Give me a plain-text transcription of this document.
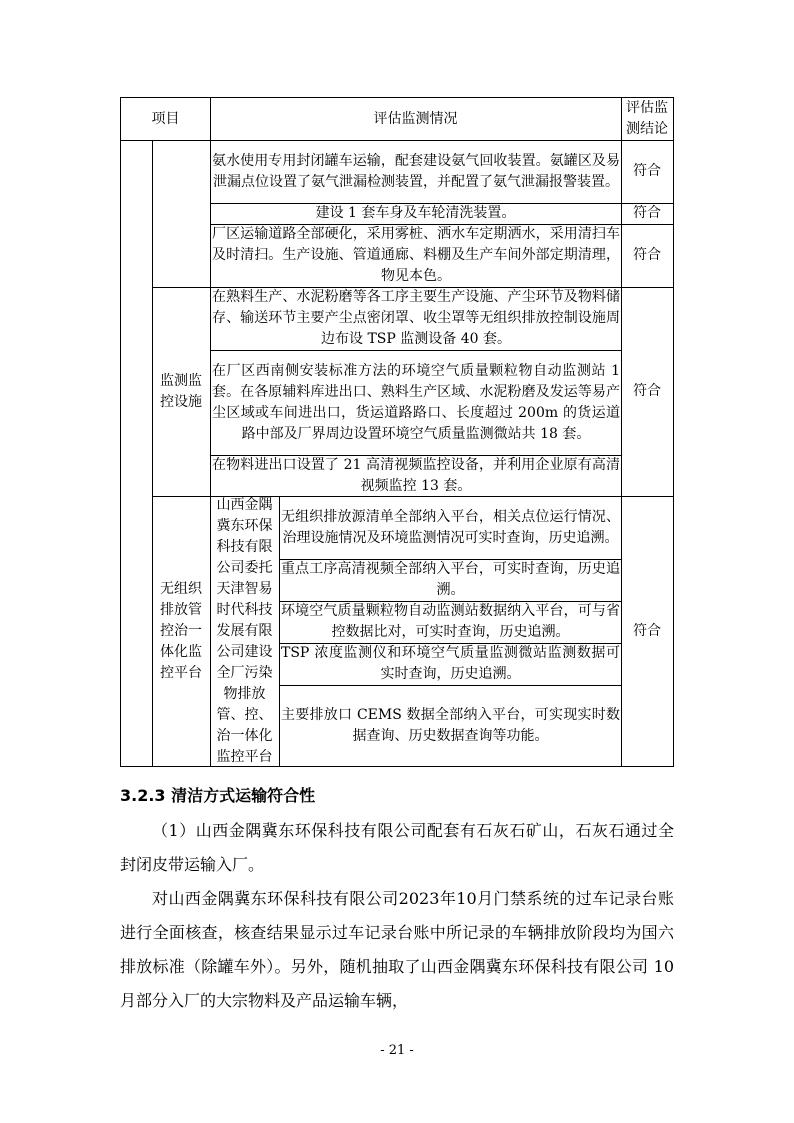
项目	评估监测情况
评估监
测结论
氨水使用专用封闭罐车运输，配套建设氨气回收装置。氨罐区及易泄漏点位设置了氨气泄漏检测装置，并配置了氨气泄漏报警装置。
符合
建设 1 套车身及车轮清洗装置。	符合
厂区运输道路全部硬化，采用雾桩、洒水车定期洒水，采用清扫车及时清扫。生产设施、管道通廊、料棚及生产车间外部定期清理，物见本色。
符合
监测监控设施
在熟料生产、水泥粉磨等各工序主要生产设施、产尘环节及物料储存、输送环节主要产尘点密闭罩、收尘罩等无组织排放控制设施周边布设 TSP 监测设备 40 套。
在厂区西南侧安装标准方法的环境空气质量颗粒物自动监测站 1 套。在各原辅料库进出口、熟料生产区域、水泥粉磨及发运等易产尘区域或车间进出口，货运道路路口、长度超过 200m 的货运道路中部及厂界周边设置环境空气质量监测微站共 18 套。
在物料进出口设置了 21 高清视频监控设备，并利用企业原有高清视频监控 13 套。
符合
无组织排放管控治一体化监控平台
山西金隅冀东环保科技有限公司委托天津智易时代科技发展有限公司建设全厂污染物排放管、控、治一体化监控平台
无组织排放源清单全部纳入平台，相关点位运行情况、治理设施情况及环境监测情况可实时查询，历史追溯。
重点工序高清视频全部纳入平台，可实时查询，历史追溯。
环境空气质量颗粒物自动监测站数据纳入平台，可与省控数据比对，可实时查询，历史追溯。
TSP 浓度监测仪和环境空气质量监测微站监测数据可实时查询，历史追溯。
主要排放口 CEMS 数据全部纳入平台，可实现实时数据查询、历史数据查询等功能。
符合
3.2.3 清洁方式运输符合性

（1）山西金隅冀东环保科技有限公司配套有石灰石矿山，石灰石通过全封闭皮带运输入厂。

对山西金隅冀东环保科技有限公司2023年10月门禁系统的过车记录台账进行全面核查，核查结果显示过车记录台账中所记录的车辆排放阶段均为国六排放标准（除罐车外）。另外，随机抽取了山西金隅冀东环保科技有限公司 10 月部分入厂的大宗物料及产品运输车辆，

- 21 -
